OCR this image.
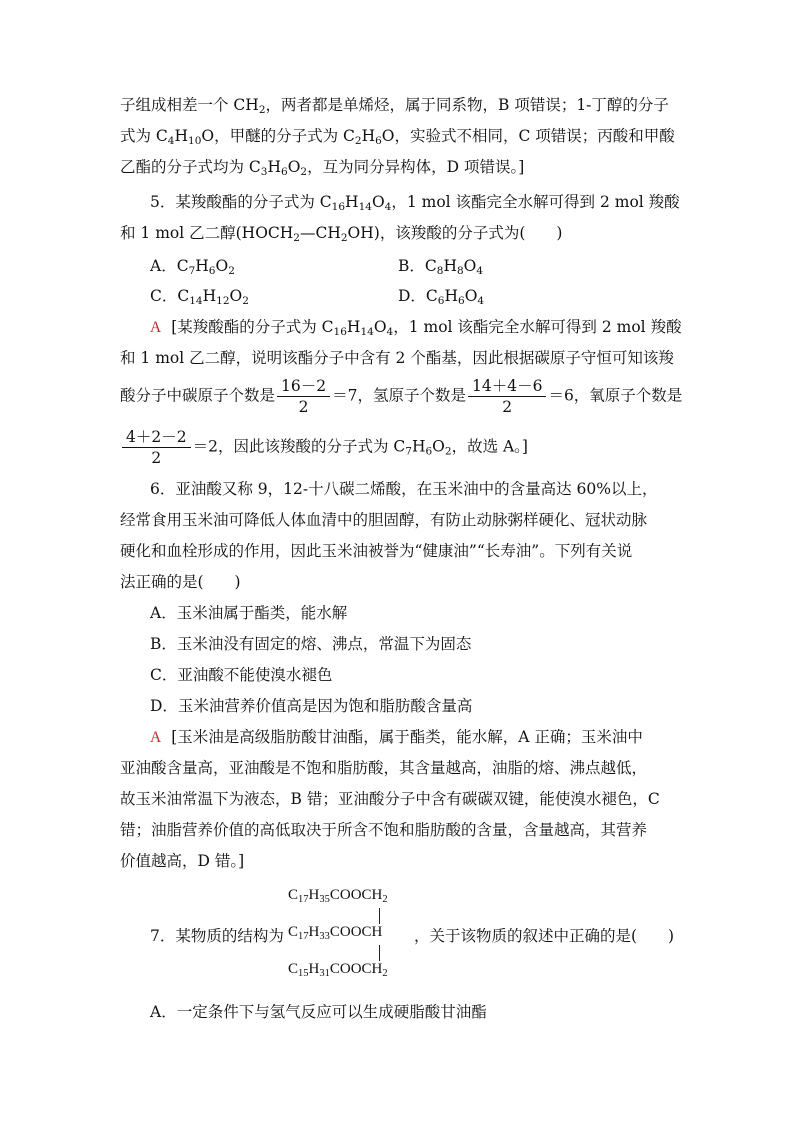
子组成相差一个 $CH_2$，两者都是单烯烃，属于同系物，B 项错误；1-丁醇的分子
式为 $C_4H_{10}O$，甲醚的分子式为 $C_2H_6O$，实验式不相同，C 项错误；丙酸和甲酸
乙酯的分子式均为 $C_3H_6O_2$，互为同分异构体，D 项错误。]
5．某羧酸酯的分子式为 $C_{16}H_{14}O_4$，1 mol 该酯完全水解可得到 2 mol 羧酸
和 1 mol 乙二醇$(HOCH_2—CH_2OH)$，该羧酸的分子式为(　　)
A．$C_7H_6O_2$	B．$C_8H_8O_4$
C．$C_{14}H_{12}O_2$	D．$C_6H_6O_4$
A [某羧酸酯的分子式为 $C_{16}H_{14}O_4$，1 mol 该酯完全水解可得到 2 mol 羧酸
和 1 mol 乙二醇，说明该酯分子中含有 2 个酯基，因此根据碳原子守恒可知该羧
酸分子中碳原子个数是 $\frac{16-2}{2} =7$，氢原子个数是 $\frac{14+4-6}{2} =6$，氧原子个数是
$\frac{4+2-2}{2} =2$，因此该羧酸的分子式为 $C_7H_6O_2$，故选 A。]
6．亚油酸又称 9，12-十八碳二烯酸，在玉米油中的含量高达 60%以上，
经常食用玉米油可降低人体血清中的胆固醇，有防止动脉粥样硬化、冠状动脉
硬化和血栓形成的作用，因此玉米油被誉为“健康油”“长寿油”。下列有关说
法正确的是(　　)
A．玉米油属于酯类，能水解
B．玉米油没有固定的熔、沸点，常温下为固态
C．亚油酸不能使溴水褪色
D．玉米油营养价值高是因为饱和脂肪酸含量高
A [玉米油是高级脂肪酸甘油酯，属于酯类，能水解，A 正确；玉米油中
亚油酸含量高，亚油酸是不饱和脂肪酸，其含量越高，油脂的熔、沸点越低，
故玉米油常温下为液态，B 错；亚油酸分子中含有碳碳双键，能使溴水褪色，C
错；油脂营养价值的高低取决于所含不饱和脂肪酸的含量，含量越高，其营养
价值越高，D 错。]
7．某物质的结构为
$C_{17}H_{35}COOCH_2$
$C_{17}H_{33}COOCH$
$C_{15}H_{31}COOCH_2$
，关于该物质的叙述中正确的是(　　)
A．一定条件下与氢气反应可以生成硬脂酸甘油酯
